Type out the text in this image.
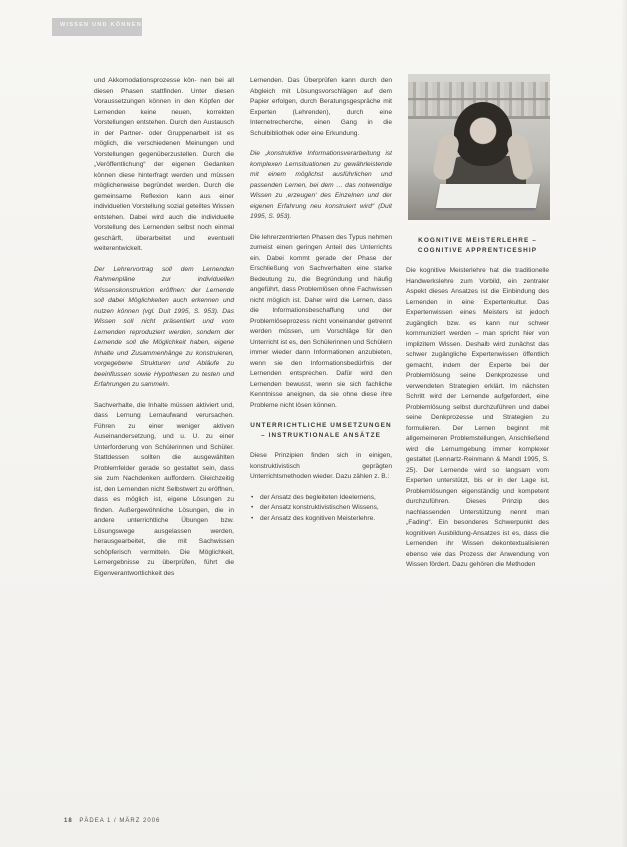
WISSEN UND KÖNNEN

und Akkomodationsprozesse kön- nen bei all diesen Phasen stattfinden. Unter diesen Voraussetzungen können in den Köpfen der Lernenden keine neuen, korrekten Vorstellungen entstehen. Durch den Austausch in der Partner- oder Gruppenarbeit ist es möglich, die verschiedenen Meinungen und Vorstellungen gegenüberzustellen. Durch die „Veröffentlichung“ der eigenen Gedanken können diese hinterfragt werden und müssen möglicherweise begründet werden. Durch die gemeinsame Reflexion kann aus einer individuellen Vorstellung sozial geteiltes Wissen entstehen. Dabei wird auch die individuelle Vorstellung des Lernenden selbst noch einmal geschärft, überarbeitet und eventuell weiterentwickelt.

Der Lehrervortrag soll dem Lernenden Rahmenpläne zur individuellen Wissenskonstruktion eröffnen: der Lernende soll dabei Möglichkeiten auch erkennen und nutzen können (vgl. Duit 1995, S. 953). Das Wissen soll nicht präsentiert und vom Lernenden reproduziert werden, sondern der Lernende soll die Möglichkeit haben, eigene Inhalte und Zusammenhänge zu konstruieren, vorgegebene Strukturen und Abläufe zu beeinflussen sowie Hypothesen zu testen und Erfahrungen zu sammeln.

Sachverhalte, die Inhalte müssen aktiviert und, dass Lernung Lernaufwand verursachen. Führen zu einer weniger aktiven Auseinandersetzung, und u. U. zu einer Unterforderung von Schülerinnen und Schüler. Stattdessen sollten die ausgewählten Problemfelder gerade so gestaltet sein, dass sie zum Nachdenken auffordern. Gleichzeitig ist, den Lernenden nicht Selbstwert zu eröffnen, dass es möglich ist, eigene Lösungen zu finden. Außergewöhnliche Lösungen, die in andere unterrichtliche Übungen bzw. Lösungswege ausgelassen werden, herausgearbeitet, die mit Sachwissen schöpferisch vermitteln. Die Möglichkeit, Lernergebnisse zu überprüfen, führt die Eigenverantwortlichkeit des

Lernenden. Das Überprüfen kann durch den Abgleich mit Lösungsvorschlägen auf dem Papier erfolgen, durch Beratungsgespräche mit Experten (Lehrenden), durch eine Internetrecherche, einen Gang in die Schulbibliothek oder eine Erkundung.

Die „konstruktive Informationsverarbeitung ist komplexen Lernsituationen zu gewährleistende mit einem möglichst ausführlichen und passenden Lernen, bei dem … das notwendige Wissen zu ‚erzeugen‘ des Einzelnen und der eigenen Erfahrung neu konstruiert wird“ (Duit 1995, S. 953).

Die lehrerzentrierten Phasen des Typus nehmen zumeist einen geringen Anteil des Unterrichts ein. Dabei kommt gerade der Phase der Erschließung von Sachverhalten eine starke Bedeutung zu, die Begründung und häufig angeführt, dass Problemlösen ohne Fachwissen nicht möglich ist. Daher wird die Lernen, dass die Informationsbeschaffung und der Problemlöseprozess nicht voneinander getrennt werden müssen, um Vorschläge für den Unterricht ist es, den Schülerinnen und Schülern immer wieder dann Informationen anzubieten, wenn sie den Informationsbedürfnis der Lernenden entsprechen. Dafür wird den Lernenden bewusst, wenn sie sich fachliche Kenntnisse aneignen, da sie ohne diese ihre Probleme nicht lösen können.

UNTERRICHTLICHE UMSETZUNGEN – INSTRUKTIONALE ANSÄTZE

Diese Prinzipien finden sich in einigen, konstruktivistisch geprägten Unterrichtsmethoden wieder. Dazu zählen z. B.:

• der Ansatz des begleiteten Ideelernens,
• der Ansatz konstruktivistischen Wissens,
• der Ansatz des kognitiven Meisterlehre.
KOGNITIVE MEISTERLEHRE – COGNITIVE APPRENTICESHIP

Die kognitive Meisterlehre hat die traditionelle Handwerkslehre zum Vorbild, ein zentraler Aspekt dieses Ansatzes ist die Einbindung des Lernenden in eine Expertenkultur. Das Expertenwissen eines Meisters ist jedoch zugänglich bzw. es kann nur schwer kommuniziert werden – man spricht hier von implizitem Wissen. Deshalb wird zunächst das schwer zugängliche Expertenwissen öffentlich gemacht, indem der Experte bei der Problemlösung seine Denkprozesse und verwendeten Strategien erklärt. Im nächsten Schritt wird der Lernende aufgefordert, eine Problemlösung selbst durchzuführen und dabei seine Denkprozesse und Strategien zu formulieren. Der Lernen beginnt mit allgemeineren Problemstellungen, Anschließend wird die Lernumgebung immer komplexer gestaltet (Lennartz-Reinmann & Mandl 1995, S. 25). Der Lernende wird so langsam vom Experten unterstützt, bis er in der Lage ist, Problemlösungen eigenständig und kompetent durchzuführen. Dieses Prinzip des nachlassenden Unterstützung nennt man „Fading“. Ein besonderes Schwerpunkt des kognitiven Ausbildung-Ansatzes ist es, dass die Lernenden ihr Wissen dekontextualisieren ebenso wie das Prozess der Anwendung von Wissen fördert. Dazu gehören die Methoden

18 PÄDEA 1 / MÄRZ 2006
